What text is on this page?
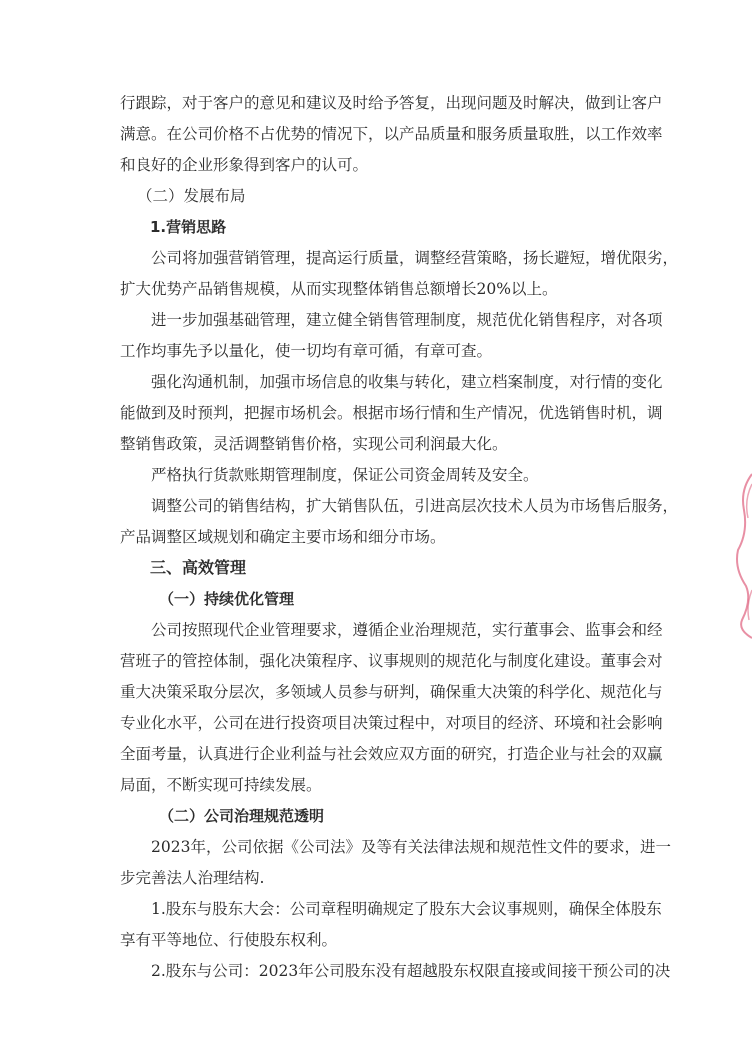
行跟踪，对于客户的意见和建议及时给予答复，出现问题及时解决，做到让客户
满意。在公司价格不占优势的情况下，以产品质量和服务质量取胜，以工作效率
和良好的企业形象得到客户的认可。
（二）发展布局
1.营销思路
公司将加强营销管理，提高运行质量，调整经营策略，扬长避短，增优限劣，
扩大优势产品销售规模，从而实现整体销售总额增长20%以上。
进一步加强基础管理，建立健全销售管理制度，规范优化销售程序，对各项
工作均事先予以量化，使一切均有章可循，有章可查。
强化沟通机制，加强市场信息的收集与转化，建立档案制度，对行情的变化
能做到及时预判，把握市场机会。根据市场行情和生产情况，优选销售时机，调
整销售政策，灵活调整销售价格，实现公司利润最大化。
严格执行货款账期管理制度，保证公司资金周转及安全。
调整公司的销售结构，扩大销售队伍，引进高层次技术人员为市场售后服务，
产品调整区域规划和确定主要市场和细分市场。
三、高效管理
（一）持续优化管理
公司按照现代企业管理要求，遵循企业治理规范，实行董事会、监事会和经
营班子的管控体制，强化决策程序、议事规则的规范化与制度化建设。董事会对
重大决策采取分层次，多领域人员参与研判，确保重大决策的科学化、规范化与
专业化水平，公司在进行投资项目决策过程中，对项目的经济、环境和社会影响
全面考量，认真进行企业利益与社会效应双方面的研究，打造企业与社会的双赢
局面，不断实现可持续发展。
（二）公司治理规范透明
2023年，公司依据《公司法》及等有关法律法规和规范性文件的要求，进一
步完善法人治理结构.
1.股东与股东大会：公司章程明确规定了股东大会议事规则，确保全体股东
享有平等地位、行使股东权利。
2.股东与公司：2023年公司股东没有超越股东权限直接或间接干预公司的决
